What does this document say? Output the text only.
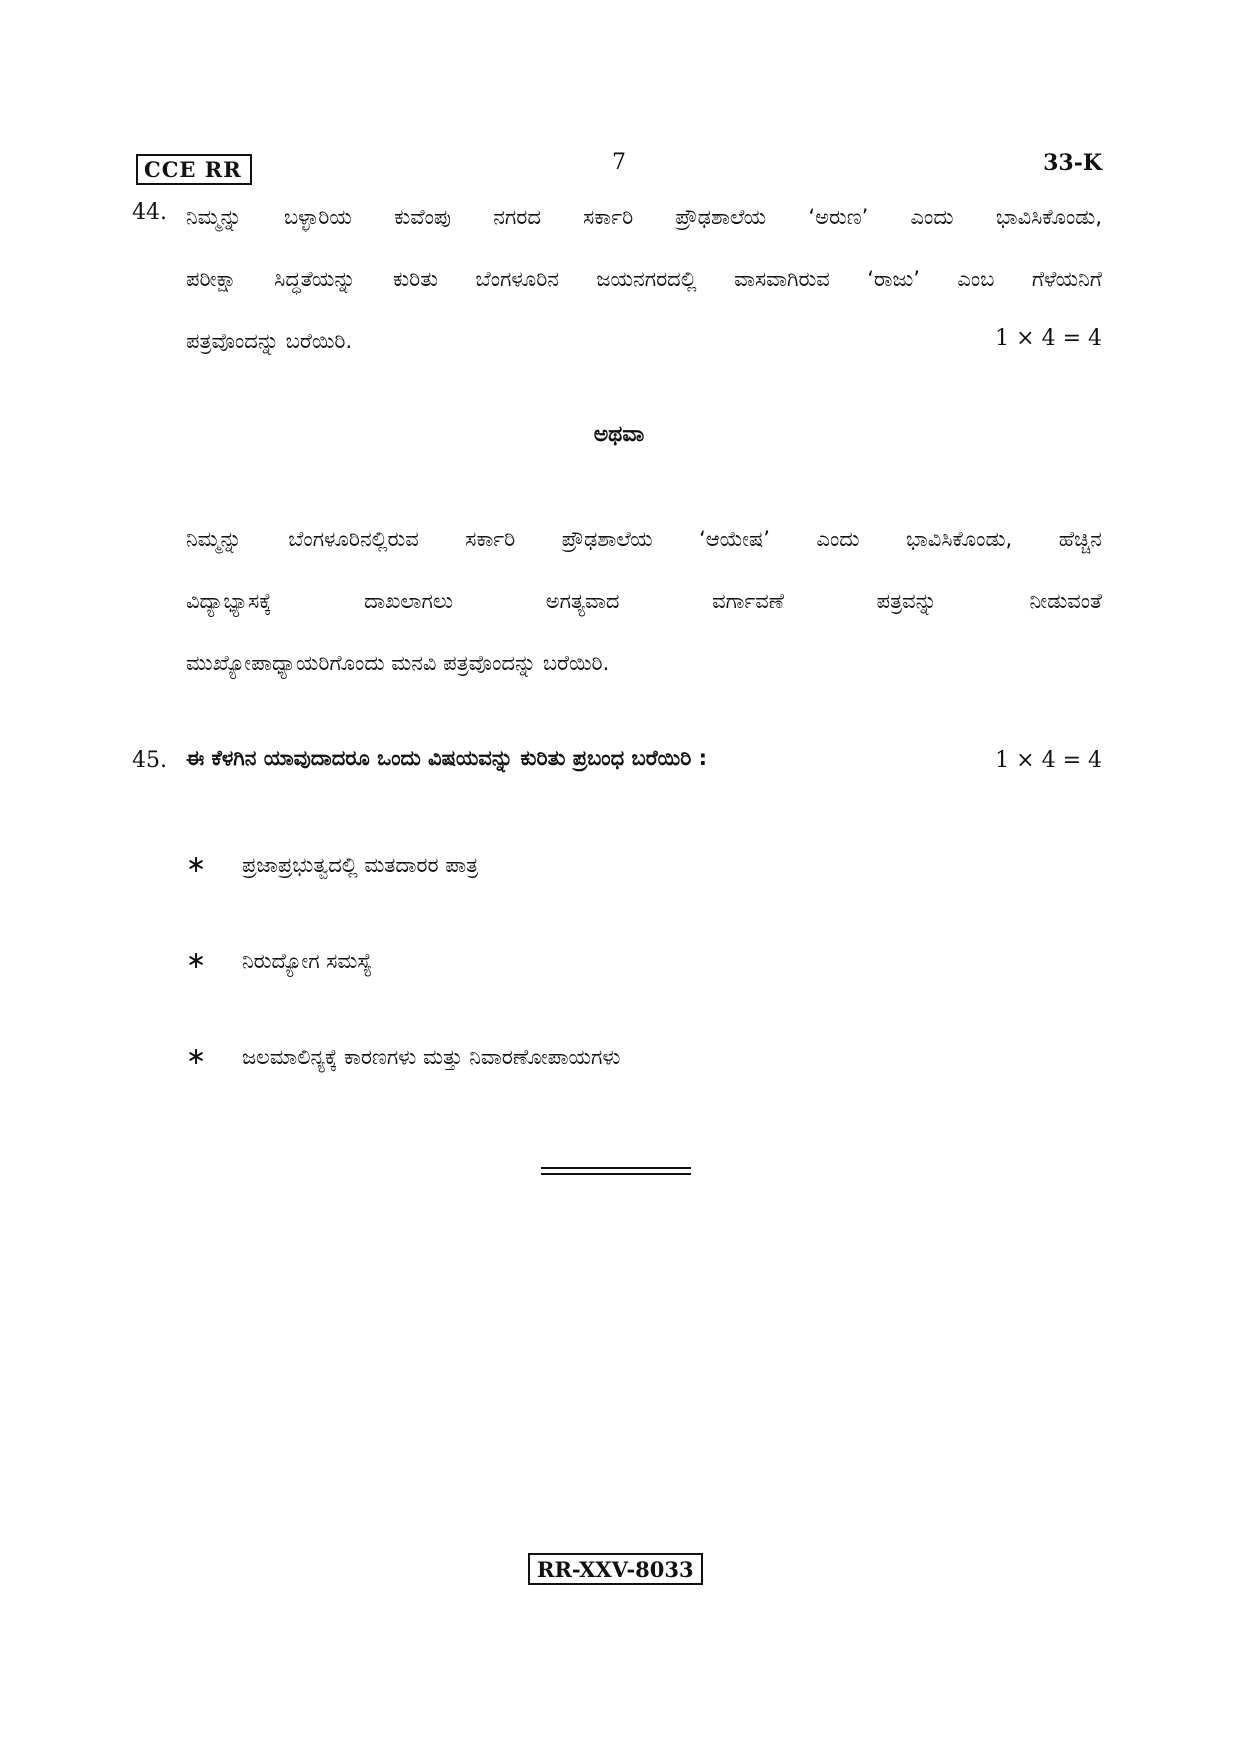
CCE RR	7	33-K
44. ನಿಮ್ಮನ್ನು ಬಳ್ಳಾರಿಯ ಕುವೆಂಪು ನಗರದ ಸರ್ಕಾರಿ ಪ್ರೌಢಶಾಲೆಯ ‘ಅರುಣ’ ಎಂದು ಭಾವಿಸಿಕೊಂಡು,
ಪರೀಕ್ಷಾ ಸಿದ್ಧತೆಯನ್ನು ಕುರಿತು ಬೆಂಗಳೂರಿನ ಜಯನಗರದಲ್ಲಿ ವಾಸವಾಗಿರುವ ‘ರಾಜು’ ಎಂಬ ಗೆಳೆಯನಿಗೆ
ಪತ್ರವೊಂದನ್ನು ಬರೆಯಿರಿ.	1 × 4 = 4
ಅಥವಾ
ನಿಮ್ಮನ್ನು ಬೆಂಗಳೂರಿನಲ್ಲಿರುವ ಸರ್ಕಾರಿ ಪ್ರೌಢಶಾಲೆಯ ‘ಆಯೇಷ’ ಎಂದು ಭಾವಿಸಿಕೊಂಡು, ಹೆಚ್ಚಿನ
ವಿದ್ಯಾಭ್ಯಾಸಕ್ಕೆ ದಾಖಲಾಗಲು ಅಗತ್ಯವಾದ ವರ್ಗಾವಣೆ ಪತ್ರವನ್ನು ನೀಡುವಂತೆ
ಮುಖ್ಯೋಪಾಧ್ಯಾಯರಿಗೊಂದು ಮನವಿ ಪತ್ರವೊಂದನ್ನು ಬರೆಯಿರಿ.
45. ಈ ಕೆಳಗಿನ ಯಾವುದಾದರೂ ಒಂದು ವಿಷಯವನ್ನು ಕುರಿತು ಪ್ರಬಂಧ ಬರೆಯಿರಿ :	1 × 4 = 4
∗ ಪ್ರಜಾಪ್ರಭುತ್ವದಲ್ಲಿ ಮತದಾರರ ಪಾತ್ರ
∗ ನಿರುದ್ಯೋಗ ಸಮಸ್ಯೆ
∗ ಜಲಮಾಲಿನ್ಯಕ್ಕೆ ಕಾರಣಗಳು ಮತ್ತು ನಿವಾರಣೋಪಾಯಗಳು
RR-XXV-8033
